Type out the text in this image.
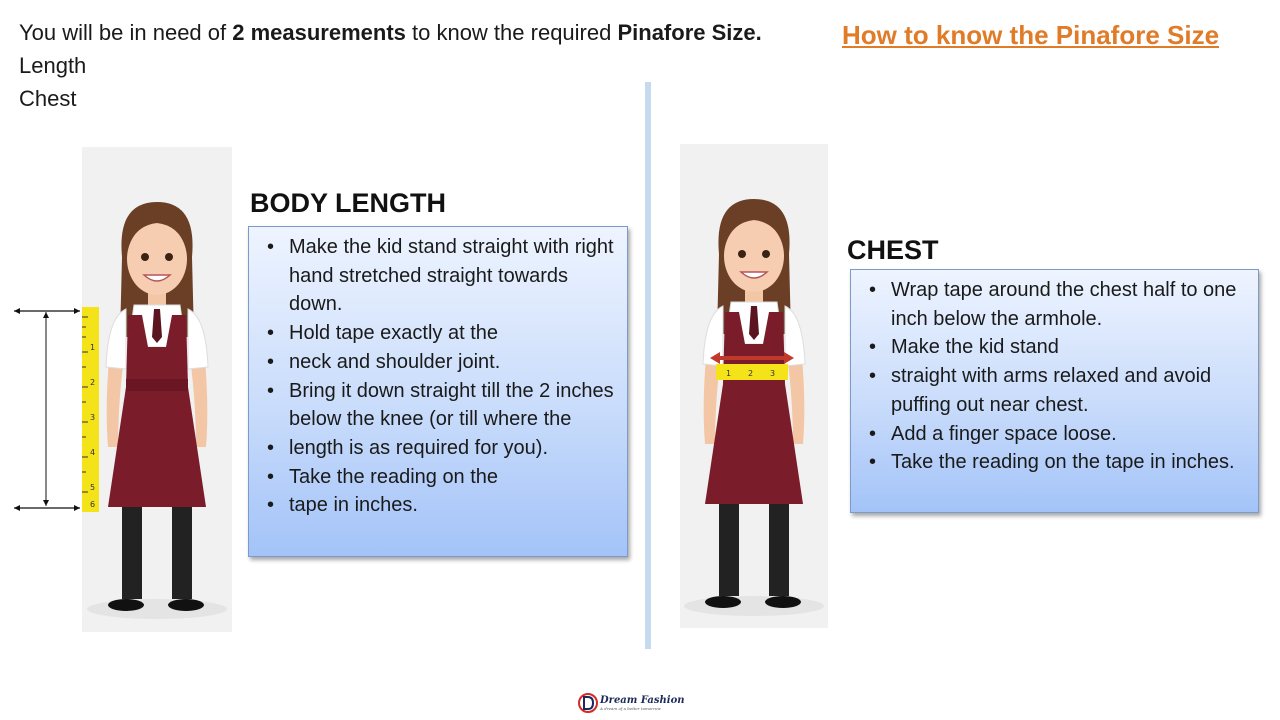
You will be in need of 2 measurements to know the required Pinafore Size.
Length
Chest
How to know the Pinafore Size
1
2
3
4
5
6
BODY LENGTH
• Make the kid stand straight with right hand stretched straight towards down.
• Hold tape exactly at the
• neck and shoulder joint.
• Bring it down straight till the 2 inches below the knee (or till where the
• length is as required for you).
• Take the reading on the
• tape in inches.
1 2 3
CHEST
• Wrap tape around the chest half to one inch below the armhole.
• Make the kid stand
• straight with arms relaxed and avoid puffing out near chest.
• Add a finger space loose.
• Take the reading on the tape in inches.
Dream Fashion
A dream of a better tomorrow
